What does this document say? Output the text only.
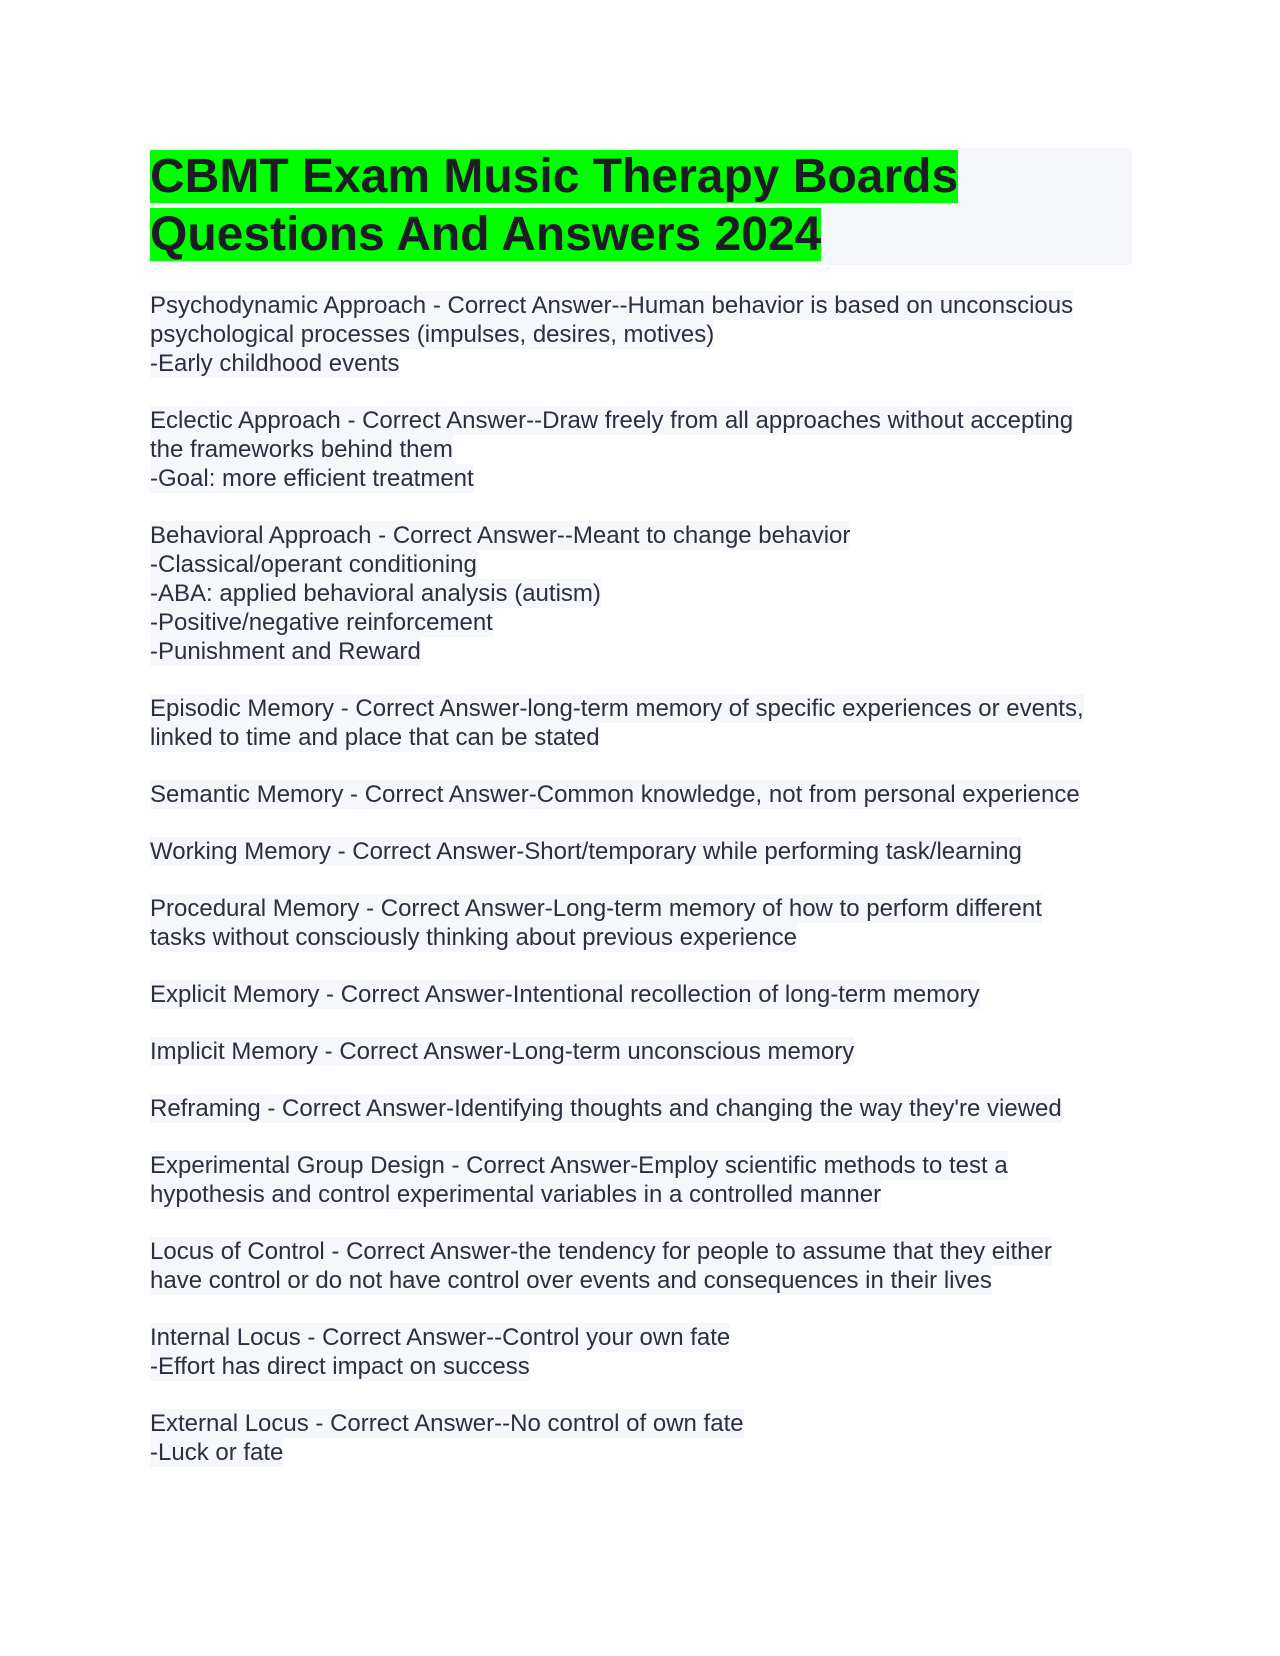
CBMT Exam Music Therapy Boards
Questions And Answers 2024
Psychodynamic Approach - Correct Answer--Human behavior is based on unconscious
psychological processes (impulses, desires, motives)
-Early childhood events
Eclectic Approach - Correct Answer--Draw freely from all approaches without accepting
the frameworks behind them
-Goal: more efficient treatment
Behavioral Approach - Correct Answer--Meant to change behavior
-Classical/operant conditioning
-ABA: applied behavioral analysis (autism)
-Positive/negative reinforcement
-Punishment and Reward
Episodic Memory - Correct Answer-long-term memory of specific experiences or events,
linked to time and place that can be stated
Semantic Memory - Correct Answer-Common knowledge, not from personal experience
Working Memory - Correct Answer-Short/temporary while performing task/learning
Procedural Memory - Correct Answer-Long-term memory of how to perform different
tasks without consciously thinking about previous experience
Explicit Memory - Correct Answer-Intentional recollection of long-term memory
Implicit Memory - Correct Answer-Long-term unconscious memory
Reframing - Correct Answer-Identifying thoughts and changing the way they're viewed
Experimental Group Design - Correct Answer-Employ scientific methods to test a
hypothesis and control experimental variables in a controlled manner
Locus of Control - Correct Answer-the tendency for people to assume that they either
have control or do not have control over events and consequences in their lives
Internal Locus - Correct Answer--Control your own fate
-Effort has direct impact on success
External Locus - Correct Answer--No control of own fate
-Luck or fate
